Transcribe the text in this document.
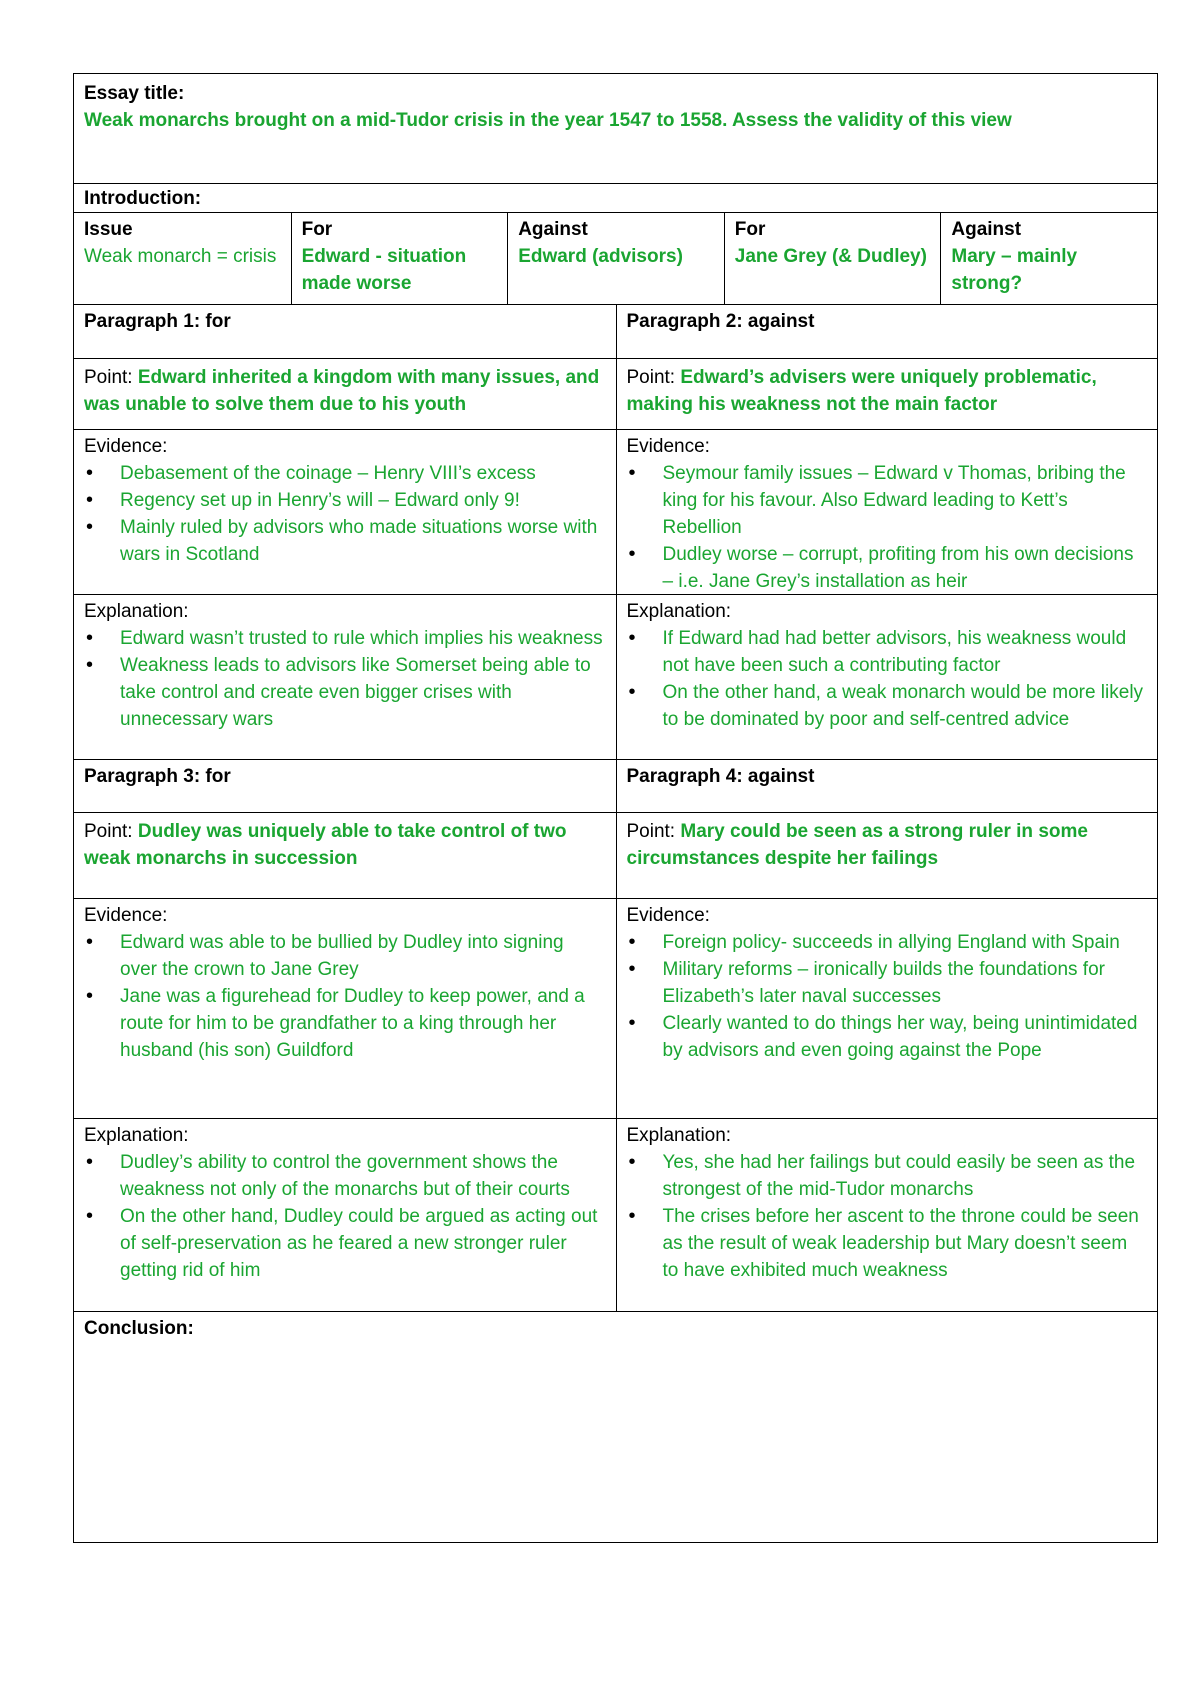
Essay title:
Weak monarchs brought on a mid-Tudor crisis in the year 1547 to 1558. Assess the validity of this view
Introduction:
Issue
Weak monarch = crisis
For
Edward - situation made worse
Against
Edward (advisors)
For
Jane Grey (& Dudley)
Against
Mary – mainly strong?
Paragraph 1: for	Paragraph 2: against
Point: Edward inherited a kingdom with many issues, and was unable to solve them due to his youth
Point: Edward’s advisers were uniquely problematic, making his weakness not the main factor
Evidence:
• Debasement of the coinage – Henry VIII’s excess
• Regency set up in Henry’s will – Edward only 9!
• Mainly ruled by advisors who made situations worse with wars in Scotland
Evidence:
• Seymour family issues – Edward v Thomas, bribing the king for his favour. Also Edward leading to Kett’s Rebellion
• Dudley worse – corrupt, profiting from his own decisions – i.e. Jane Grey’s installation as heir
Explanation:
• Edward wasn’t trusted to rule which implies his weakness
• Weakness leads to advisors like Somerset being able to take control and create even bigger crises with unnecessary wars
Explanation:
• If Edward had had better advisors, his weakness would not have been such a contributing factor
• On the other hand, a weak monarch would be more likely to be dominated by poor and self-centred advice
Paragraph 3: for	Paragraph 4: against
Point: Dudley was uniquely able to take control of two weak monarchs in succession
Point: Mary could be seen as a strong ruler in some circumstances despite her failings
Evidence:
• Edward was able to be bullied by Dudley into signing over the crown to Jane Grey
• Jane was a figurehead for Dudley to keep power, and a route for him to be grandfather to a king through her husband (his son) Guildford
Evidence:
• Foreign policy- succeeds in allying England with Spain
• Military reforms – ironically builds the foundations for Elizabeth’s later naval successes
• Clearly wanted to do things her way, being unintimidated by advisors and even going against the Pope
Explanation:
• Dudley’s ability to control the government shows the weakness not only of the monarchs but of their courts
• On the other hand, Dudley could be argued as acting out of self-preservation as he feared a new stronger ruler getting rid of him
Explanation:
• Yes, she had her failings but could easily be seen as the strongest of the mid-Tudor monarchs
• The crises before her ascent to the throne could be seen as the result of weak leadership but Mary doesn’t seem to have exhibited much weakness
Conclusion:
